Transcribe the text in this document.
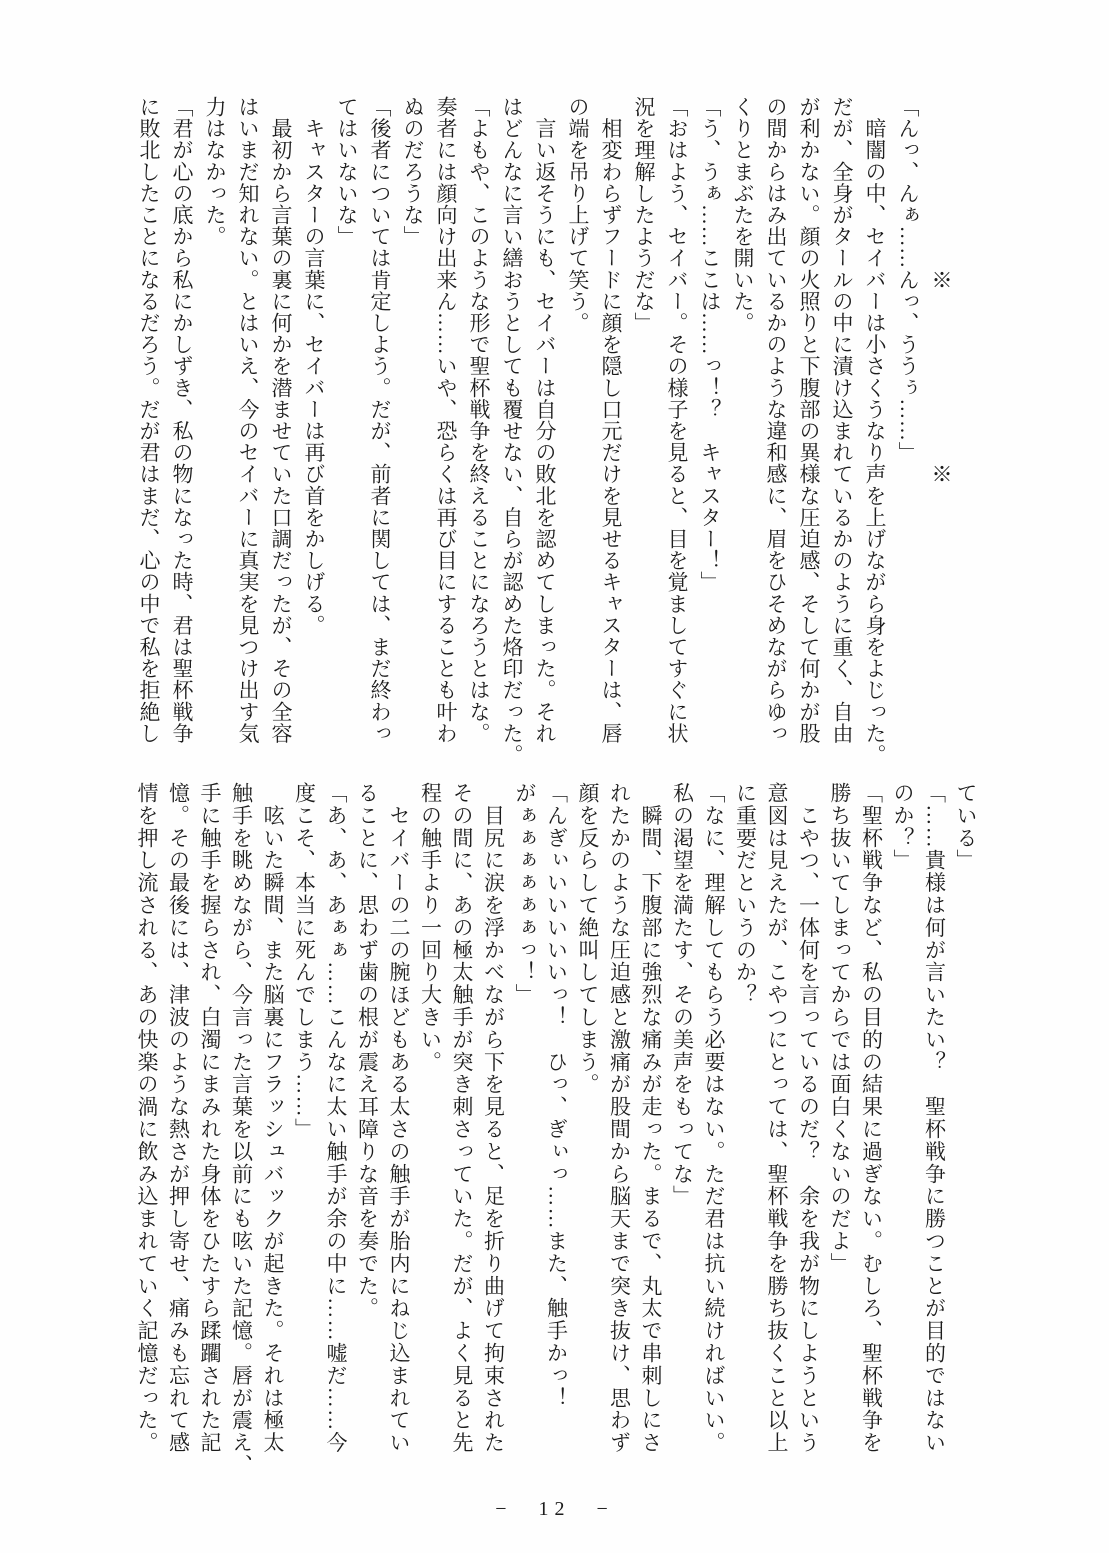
　　　　　　　　※　　　　　　　　※

「んっ、んぁ……んっ、ううぅ……」

　暗闇の中、セイバーは小さくうなり声を上げながら身をよじった。

だが、全身がタールの中に漬け込まれているかのように重く、自由

が利かない。顔の火照りと下腹部の異様な圧迫感、そして何かが股

の間からはみ出ているかのような違和感に、眉をひそめながらゆっ

くりとまぶたを開いた。

「う、うぁ……ここは……っ！？　キャスター！」

「おはよう、セイバー。その様子を見ると、目を覚ましてすぐに状

況を理解したようだな」

　相変わらずフードに顔を隠し口元だけを見せるキャスターは、唇

の端を吊り上げて笑う。

　言い返そうにも、セイバーは自分の敗北を認めてしまった。それ

はどんなに言い繕おうとしても覆せない、自らが認めた烙印だった。

「よもや、このような形で聖杯戦争を終えることになろうとはな。

奏者には顔向け出来ん……いや、恐らくは再び目にすることも叶わ

ぬのだろうな」

「後者については肯定しよう。だが、前者に関しては、まだ終わっ

てはいないな」

　キャスターの言葉に、セイバーは再び首をかしげる。

　最初から言葉の裏に何かを潜ませていた口調だったが、その全容

はいまだ知れない。とはいえ、今のセイバーに真実を見つけ出す気

力はなかった。

「君が心の底から私にかしずき、私の物になった時、君は聖杯戦争

に敗北したことになるだろう。だが君はまだ、心の中で私を拒絶し

ている」

「……貴様は何が言いたい？　聖杯戦争に勝つことが目的ではない

のか？」

「聖杯戦争など、私の目的の結果に過ぎない。むしろ、聖杯戦争を

勝ち抜いてしまってからでは面白くないのだよ」

　こやつ、一体何を言っているのだ？　余を我が物にしようという

意図は見えたが、こやつにとっては、聖杯戦争を勝ち抜くこと以上

に重要だというのか？

「なに、理解してもらう必要はない。ただ君は抗い続ければいい。

私の渇望を満たす、その美声をもってな」

　瞬間、下腹部に強烈な痛みが走った。まるで、丸太で串刺しにさ

れたかのような圧迫感と激痛が股間から脳天まで突き抜け、思わず

顔を反らして絶叫してしまう。

「んぎぃいいいいいっ！　ひっ、ぎぃっ……また、触手かっ！

がぁぁぁぁぁぁっ！」

　目尻に涙を浮かべながら下を見ると、足を折り曲げて拘束された

その間に、あの極太触手が突き刺さっていた。だが、よく見ると先

程の触手より一回り大きい。

　セイバーの二の腕ほどもある太さの触手が胎内にねじ込まれてい

ることに、思わず歯の根が震え耳障りな音を奏でた。

「あ、あ、あぁぁ……こんなに太い触手が余の中に……嘘だ……今

度こそ、本当に死んでしまう……」

　呟いた瞬間、また脳裏にフラッシュバックが起きた。それは極太

触手を眺めながら、今言った言葉を以前にも呟いた記憶。唇が震え、

手に触手を握らされ、白濁にまみれた身体をひたすら蹂躙された記

憶。その最後には、津波のような熱さが押し寄せ、痛みも忘れて感

情を押し流される、あの快楽の渦に飲み込まれていく記憶だった。

−　12　−
